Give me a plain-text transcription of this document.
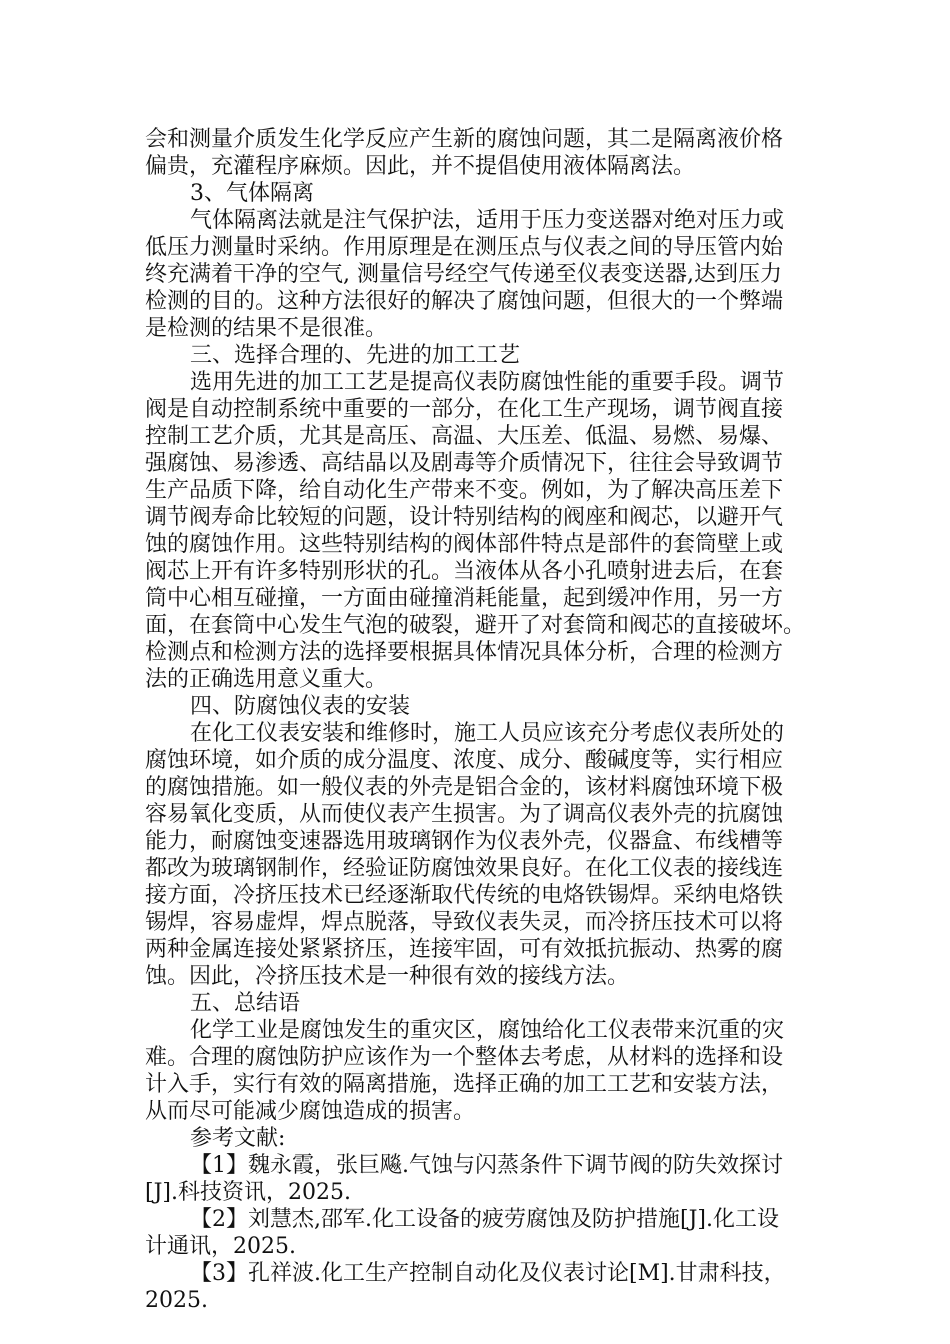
会和测量介质发生化学反应产生新的腐蚀问题，其二是隔离液价格
偏贵，充灌程序麻烦。因此，并不提倡使用液体隔离法。
3、气体隔离
气体隔离法就是注气保护法，适用于压力变送器对绝对压力或
低压力测量时采纳。作用原理是在测压点与仪表之间的导压管内始
终充满着干净的空气, 测量信号经空气传递至仪表变送器,达到压力
检测的目的。这种方法很好的解决了腐蚀问题，但很大的一个弊端
是检测的结果不是很准。
三、选择合理的、先进的加工工艺
选用先进的加工工艺是提高仪表防腐蚀性能的重要手段。调节
阀是自动控制系统中重要的一部分，在化工生产现场，调节阀直接
控制工艺介质，尤其是高压、高温、大压差、低温、易燃、易爆、
强腐蚀、易渗透、高结晶以及剧毒等介质情况下，往往会导致调节
生产品质下降，给自动化生产带来不变。例如，为了解决高压差下
调节阀寿命比较短的问题，设计特别结构的阀座和阀芯，以避开气
蚀的腐蚀作用。这些特别结构的阀体部件特点是部件的套筒壁上或
阀芯上开有许多特别形状的孔。当液体从各小孔喷射进去后，在套
筒中心相互碰撞，一方面由碰撞消耗能量，起到缓冲作用，另一方
面，在套筒中心发生气泡的破裂，避开了对套筒和阀芯的直接破坏。
检测点和检测方法的选择要根据具体情况具体分析，合理的检测方
法的正确选用意义重大。
四、防腐蚀仪表的安装
在化工仪表安装和维修时，施工人员应该充分考虑仪表所处的
腐蚀环境，如介质的成分温度、浓度、成分、酸碱度等，实行相应
的腐蚀措施。如一般仪表的外壳是铝合金的，该材料腐蚀环境下极
容易氧化变质，从而使仪表产生损害。为了调高仪表外壳的抗腐蚀
能力，耐腐蚀变速器选用玻璃钢作为仪表外壳，仪器盒、布线槽等
都改为玻璃钢制作，经验证防腐蚀效果良好。在化工仪表的接线连
接方面，冷挤压技术已经逐渐取代传统的电烙铁锡焊。采纳电烙铁
锡焊，容易虚焊，焊点脱落，导致仪表失灵，而冷挤压技术可以将
两种金属连接处紧紧挤压，连接牢固，可有效抵抗振动、热雾的腐
蚀。因此，冷挤压技术是一种很有效的接线方法。
五、总结语
化学工业是腐蚀发生的重灾区，腐蚀给化工仪表带来沉重的灾
难。合理的腐蚀防护应该作为一个整体去考虑，从材料的选择和设
计入手，实行有效的隔离措施，选择正确的加工工艺和安装方法，
从而尽可能减少腐蚀造成的损害。
参考文献:
【1】魏永霞，张巨飚.气蚀与闪蒸条件下调节阀的防失效探讨
[J].科技资讯，2025.
【2】刘慧杰,邵军.化工设备的疲劳腐蚀及防护措施[J].化工设
计通讯，2025.
【3】孔祥波.化工生产控制自动化及仪表讨论[M].甘肃科技，
2025.
